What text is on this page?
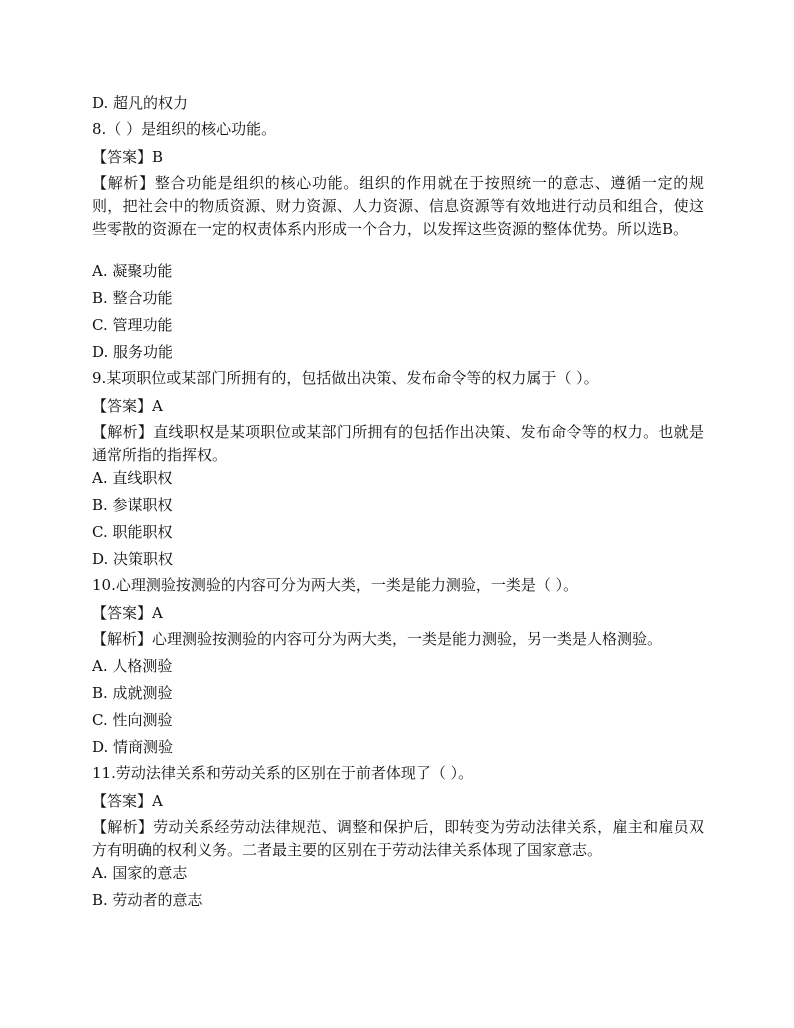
D. 超凡的权力
8.（ ）是组织的核心功能。
【答案】B
【解析】整合功能是组织的核心功能。组织的作用就在于按照统一的意志、遵循一定的规则，把社会中的物质资源、财力资源、人力资源、信息资源等有效地进行动员和组合，使这些零散的资源在一定的权责体系内形成一个合力，以发挥这些资源的整体优势。所以选B。
A. 凝聚功能
B. 整合功能
C. 管理功能
D. 服务功能
9.某项职位或某部门所拥有的，包括做出决策、发布命令等的权力属于（ ）。
【答案】A
【解析】直线职权是某项职位或某部门所拥有的包括作出决策、发布命令等的权力。也就是通常所指的指挥权。
A. 直线职权
B. 参谋职权
C. 职能职权
D. 决策职权
10.心理测验按测验的内容可分为两大类，一类是能力测验，一类是（ ）。
【答案】A
【解析】心理测验按测验的内容可分为两大类，一类是能力测验，另一类是人格测验。
A. 人格测验
B. 成就测验
C. 性向测验
D. 情商测验
11.劳动法律关系和劳动关系的区别在于前者体现了（ ）。
【答案】A
【解析】劳动关系经劳动法律规范、调整和保护后，即转变为劳动法律关系，雇主和雇员双方有明确的权利义务。二者最主要的区别在于劳动法律关系体现了国家意志。
A. 国家的意志
B. 劳动者的意志
